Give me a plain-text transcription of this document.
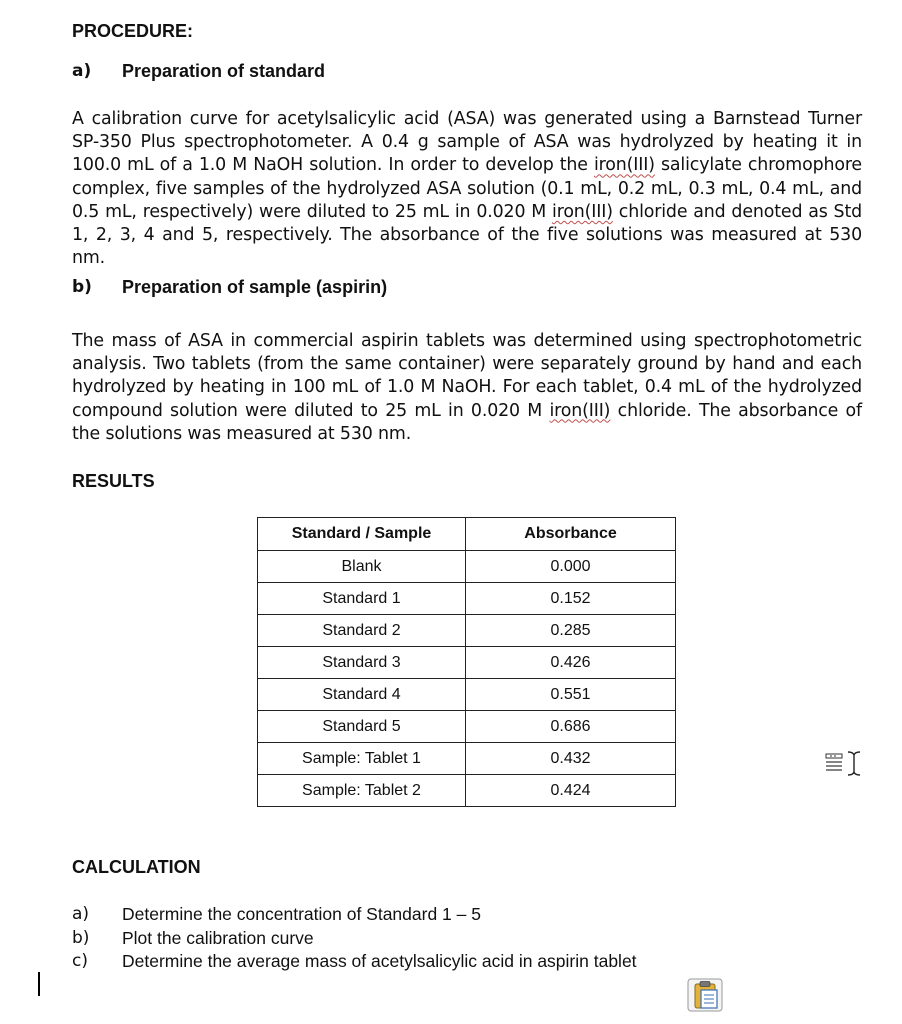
PROCEDURE:
a) Preparation of standard

A calibration curve for acetylsalicylic acid (ASA) was generated using a Barnstead Turner SP-350 Plus spectrophotometer. A 0.4 g sample of ASA was hydrolyzed by heating it in 100.0 mL of a 1.0 M NaOH solution. In order to develop the iron(III) salicylate chromophore complex, five samples of the hydrolyzed ASA solution (0.1 mL, 0.2 mL, 0.3 mL, 0.4 mL, and 0.5 mL, respectively) were diluted to 25 mL in 0.020 M iron(III) chloride and denoted as Std 1, 2, 3, 4 and 5, respectively. The absorbance of the five solutions was measured at 530 nm.

b) Preparation of sample (aspirin)

The mass of ASA in commercial aspirin tablets was determined using spectrophotometric analysis. Two tablets (from the same container) were separately ground by hand and each hydrolyzed by heating in 100 mL of 1.0 M NaOH. For each tablet, 0.4 mL of the hydrolyzed compound solution were diluted to 25 mL in 0.020 M iron(III) chloride. The absorbance of the solutions was measured at 530 nm.

RESULTS
Standard / Sample	Absorbance
Blank	0.000
Standard 1	0.152
Standard 2	0.285
Standard 3	0.426
Standard 4	0.551
Standard 5	0.686
Sample: Tablet 1	0.432
Sample: Tablet 2	0.424
CALCULATION
a) Determine the concentration of Standard 1 – 5
b) Plot the calibration curve
c) Determine the average mass of acetylsalicylic acid in aspirin tablet
